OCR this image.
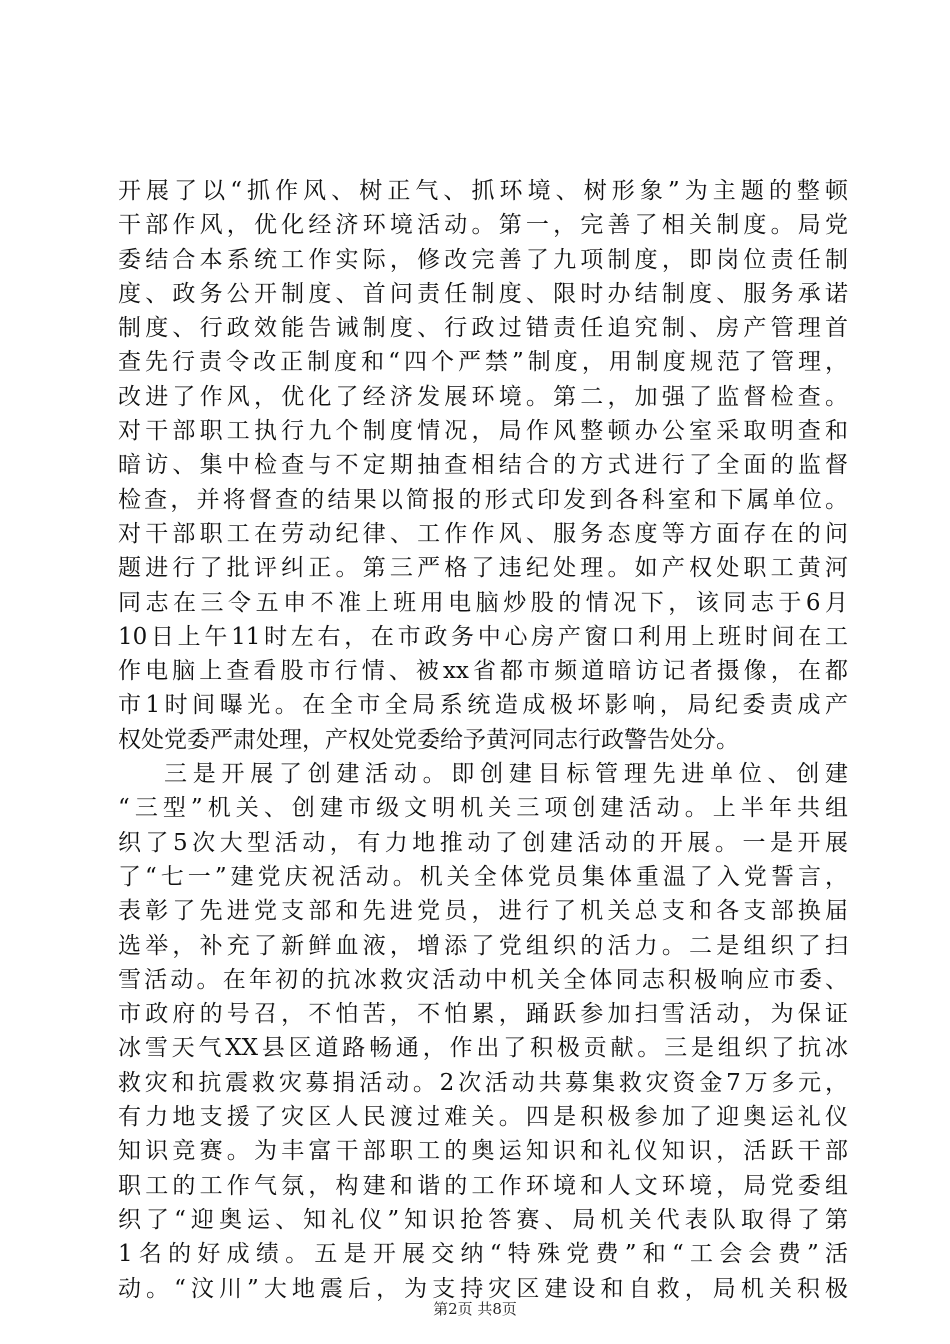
开展了以“抓作风、树正气、抓环境、树形象”为主题的整顿
干部作风，优化经济环境活动。第一，完善了相关制度。局党
委结合本系统工作实际，修改完善了九项制度，即岗位责任制
度、政务公开制度、首问责任制度、限时办结制度、服务承诺
制度、行政效能告诫制度、行政过错责任追究制、房产管理首
查先行责令改正制度和“四个严禁”制度，用制度规范了管理，
改进了作风，优化了经济发展环境。第二，加强了监督检查。
对干部职工执行九个制度情况，局作风整顿办公室采取明查和
暗访、集中检查与不定期抽查相结合的方式进行了全面的监督
检查，并将督查的结果以简报的形式印发到各科室和下属单位。
对干部职工在劳动纪律、工作作风、服务态度等方面存在的问
题进行了批评纠正。第三严格了违纪处理。如产权处职工黄河
同志在三令五申不准上班用电脑炒股的情况下，该同志于6月
10日上午11时左右，在市政务中心房产窗口利用上班时间在工
作电脑上查看股市行情、被xx省都市频道暗访记者摄像，在都
市1时间曝光。在全市全局系统造成极坏影响，局纪委责成产
权处党委严肃处理，产权处党委给予黄河同志行政警告处分。
三是开展了创建活动。即创建目标管理先进单位、创建
“三型”机关、创建市级文明机关三项创建活动。上半年共组
织了5次大型活动，有力地推动了创建活动的开展。一是开展
了“七一”建党庆祝活动。机关全体党员集体重温了入党誓言，
表彰了先进党支部和先进党员，进行了机关总支和各支部换届
选举，补充了新鲜血液，增添了党组织的活力。二是组织了扫
雪活动。在年初的抗冰救灾活动中机关全体同志积极响应市委、
市政府的号召，不怕苦，不怕累，踊跃参加扫雪活动，为保证
冰雪天气XX县区道路畅通，作出了积极贡献。三是组织了抗冰
救灾和抗震救灾募捐活动。2次活动共募集救灾资金7万多元，
有力地支援了灾区人民渡过难关。四是积极参加了迎奥运礼仪
知识竞赛。为丰富干部职工的奥运知识和礼仪知识，活跃干部
职工的工作气氛，构建和谐的工作环境和人文环境，局党委组
织了“迎奥运、知礼仪”知识抢答赛、局机关代表队取得了第
1名的好成绩。五是开展交纳“特殊党费”和“工会会费”活
动。“汶川”大地震后，为支持灾区建设和自救，局机关积极
第2页 共8页
